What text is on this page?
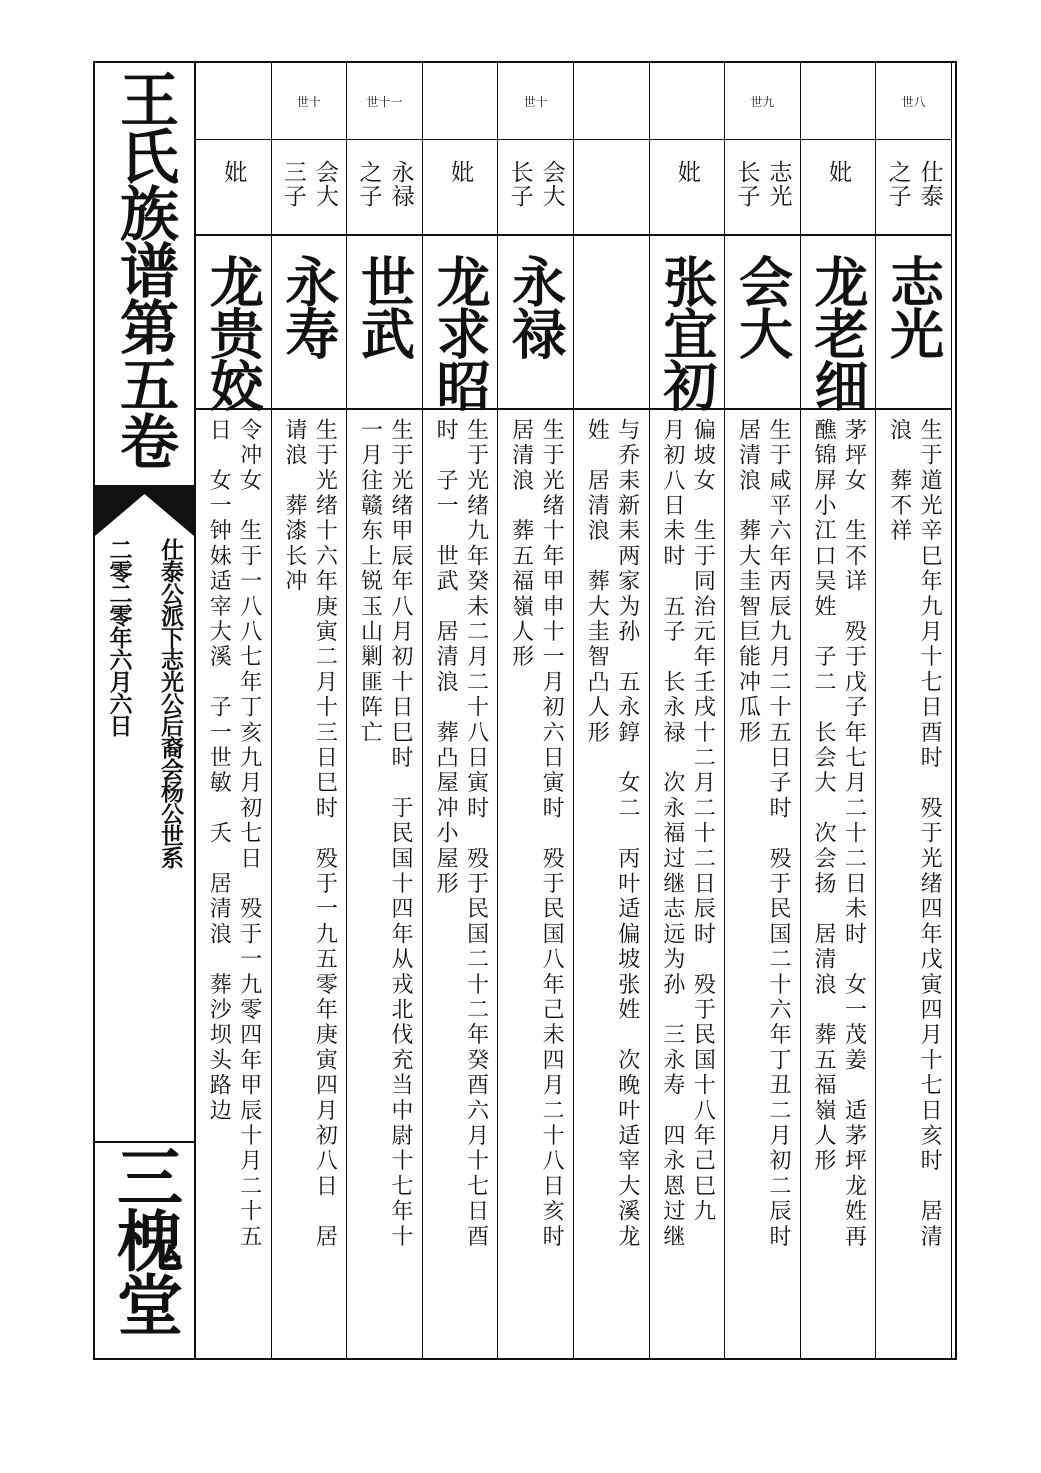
王氏族谱第五卷
仕泰公派下志光公后裔会杨公世系
二零二零年六月六日
三槐堂
妣
龙贵姣

令冲女　生于一八八七年丁亥九月初七日　殁于一九零四年甲辰十月二十五
日　女一钟妹适宰大溪　子一世敏　夭　居清浪　葬沙坝头路边

世十
会大
三子
永寿

生于光绪十六年庚寅二月十三日巳时　殁于一九五零年庚寅四月初八日　居
请浪　葬漆长冲

世十一
永禄
之子
世武

生于光绪甲辰年八月初十日巳时　于民国十四年从戎北伐充当中尉十七年十
一月往赣东上锐玉山剿匪阵亡

妣
龙求昭

生于光绪九年癸未二月二十八日寅时　殁于民国二十二年癸酉六月十七日酉
时　子一　世武　居清浪　葬凸屋冲小屋形

世十
会大
长子
永禄

生于光绪十年甲申十一月初六日寅时　殁于民国八年己未四月二十八日亥时
居清浪　葬五福嶺人形	与乔耒新耒两家为孙　五永錞　女二　丙叶适偏坡张姓　次晚叶适宰大溪龙
姓　居清浪　葬大圭智凸人形

妣
张宜初

偏坡女　生于同治元年壬戌十二月二十二日辰时　殁于民国十八年己巳九
月初八日未时　五子　长永禄　次永福过继志远为孙　三永寿　四永恩过继

世九
志光
长子
会大

生于咸平六年丙辰九月二十五日子时　殁于民国二十六年丁丑二月初二辰时
居清浪　葬大圭智巨能冲瓜形

妣
龙老细

茅坪女　生不详　殁于戊子年七月二十二日未时　女一茂姜　适茅坪龙姓再
醮锦屏小江口吴姓　子二　长会大　次会扬　居清浪　葬五福嶺人形

世八
仕泰
之子
志光

生于道光辛巳年九月十七日酉时　殁于光绪四年戊寅四月十七日亥时　居清
浪　葬不祥
